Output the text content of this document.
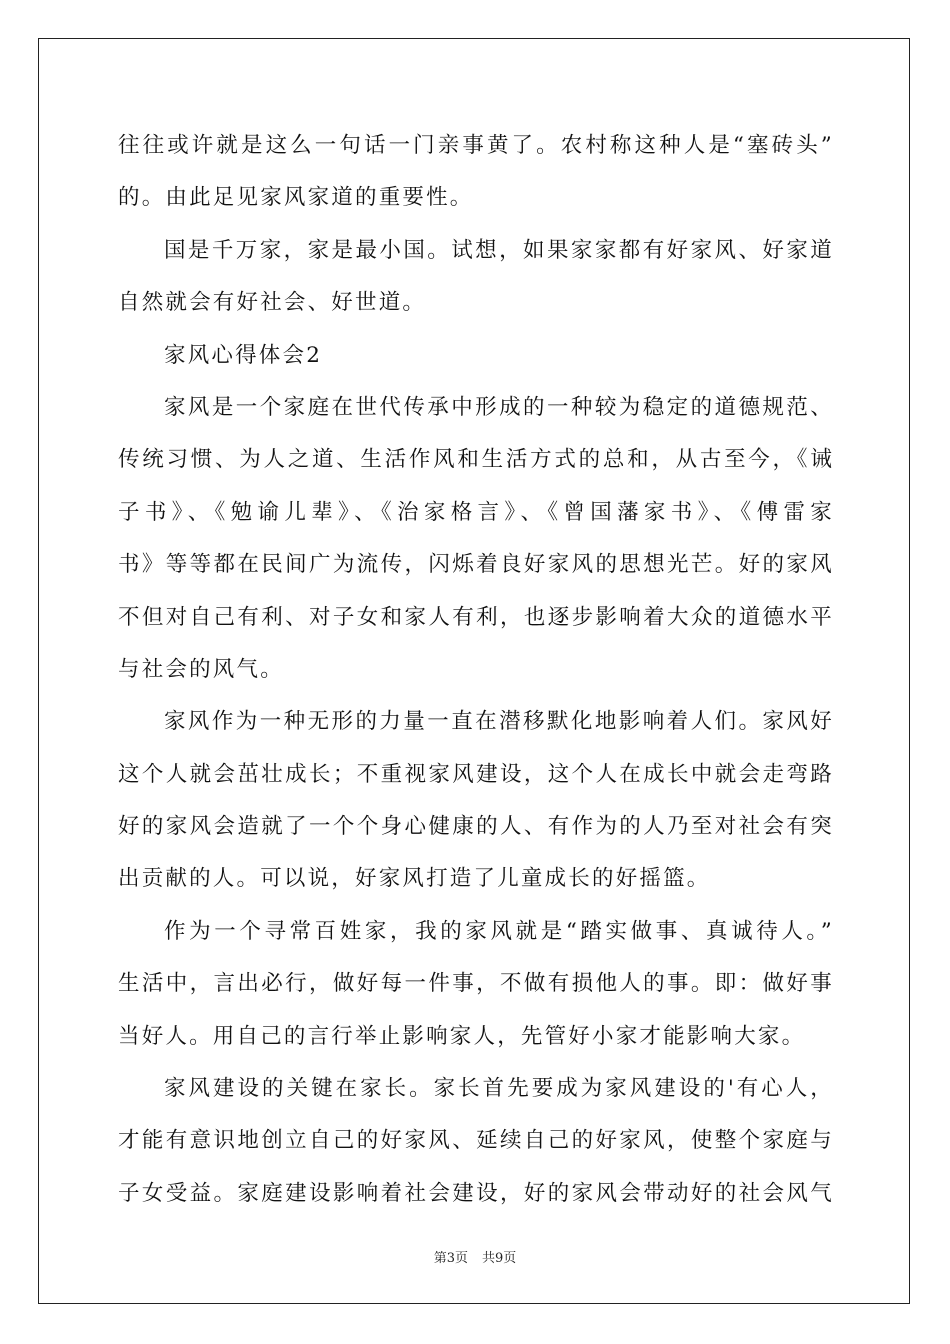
往往或许就是这么一句话一门亲事黄了。农村称这种人是“塞砖头”
的。由此足见家风家道的重要性。
国是千万家，家是最小国。试想，如果家家都有好家风、好家道
自然就会有好社会、好世道。
家风心得体会2
家风是一个家庭在世代传承中形成的一种较为稳定的道德规范、
传统习惯、为人之道、生活作风和生活方式的总和，从古至今，《诫
子书》、《勉谕儿辈》、《治家格言》、《曾国藩家书》、《傅雷家
书》等等都在民间广为流传，闪烁着良好家风的思想光芒。好的家风
不但对自己有利、对子女和家人有利，也逐步影响着大众的道德水平
与社会的风气。
家风作为一种无形的力量一直在潜移默化地影响着人们。家风好
这个人就会茁壮成长；不重视家风建设，这个人在成长中就会走弯路
好的家风会造就了一个个身心健康的人、有作为的人乃至对社会有突
出贡献的人。可以说，好家风打造了儿童成长的好摇篮。
作为一个寻常百姓家，我的家风就是“踏实做事、真诚待人。”
生活中，言出必行，做好每一件事，不做有损他人的事。即：做好事
当好人。用自己的言行举止影响家人，先管好小家才能影响大家。
家风建设的关键在家长。家长首先要成为家风建设的'有心人，
才能有意识地创立自己的好家风、延续自己的好家风，使整个家庭与
子女受益。家庭建设影响着社会建设，好的家风会带动好的社会风气
第3页 共9页
